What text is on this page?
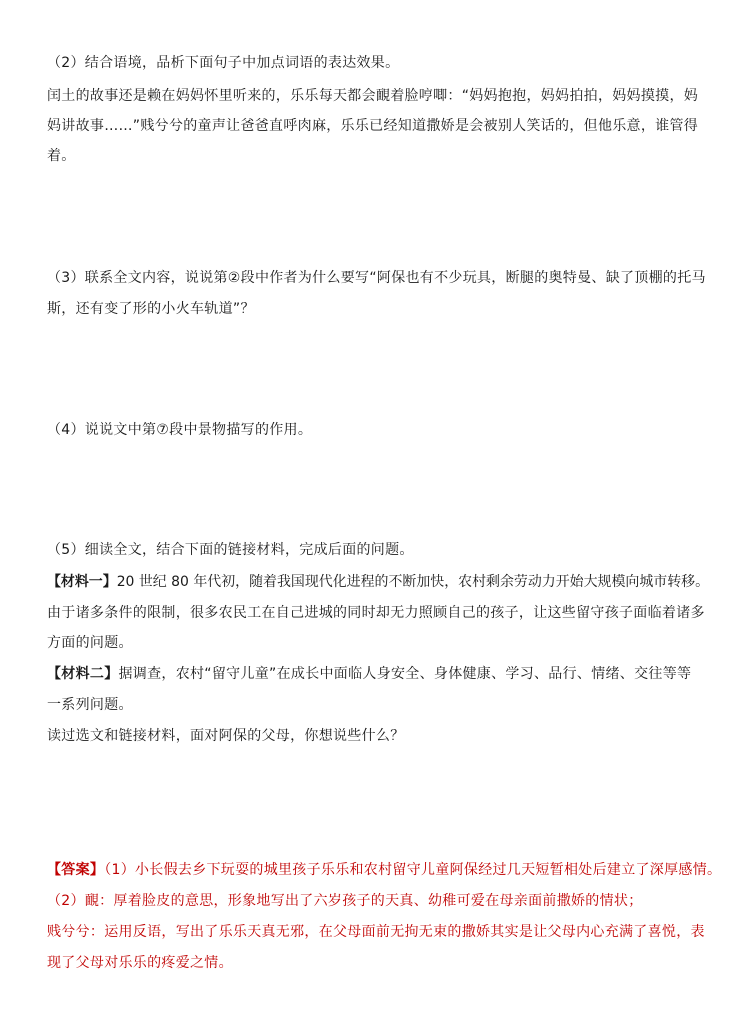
（2）结合语境，品析下面句子中加点词语的表达效果。
闰土的故事还是赖在妈妈怀里听来的，乐乐每天都会靦着脸哼唧：“妈妈抱抱，妈妈拍拍，妈妈摸摸，妈
妈讲故事……”贱兮兮的童声让爸爸直呼肉麻，乐乐已经知道撒娇是会被别人笑话的，但他乐意，谁管得
着。
（3）联系全文内容，说说第②段中作者为什么要写“阿保也有不少玩具，断腿的奥特曼、缺了顶棚的托马
斯，还有变了形的小火车轨道”？
（4）说说文中第⑦段中景物描写的作用。
（5）细读全文，结合下面的链接材料，完成后面的问题。
【材料一】20 世纪 80 年代初，随着我国现代化进程的不断加快，农村剩余劳动力开始大规模向城市转移。
由于诸多条件的限制，很多农民工在自己进城的同时却无力照顾自己的孩子，让这些留守孩子面临着诸多
方面的问题。
【材料二】据调查，农村“留守儿童”在成长中面临人身安全、身体健康、学习、品行、情绪、交往等等
一系列问题。
读过选文和链接材料，面对阿保的父母，你想说些什么？
【答案】（1）小长假去乡下玩耍的城里孩子乐乐和农村留守儿童阿保经过几天短暂相处后建立了深厚感情。
（2）靦：厚着脸皮的意思，形象地写出了六岁孩子的天真、幼稚可爱在母亲面前撒娇的情状；
贱兮兮：运用反语，写出了乐乐天真无邪，在父母面前无拘无束的撒娇其实是让父母内心充满了喜悦，表
现了父母对乐乐的疼爱之情。
